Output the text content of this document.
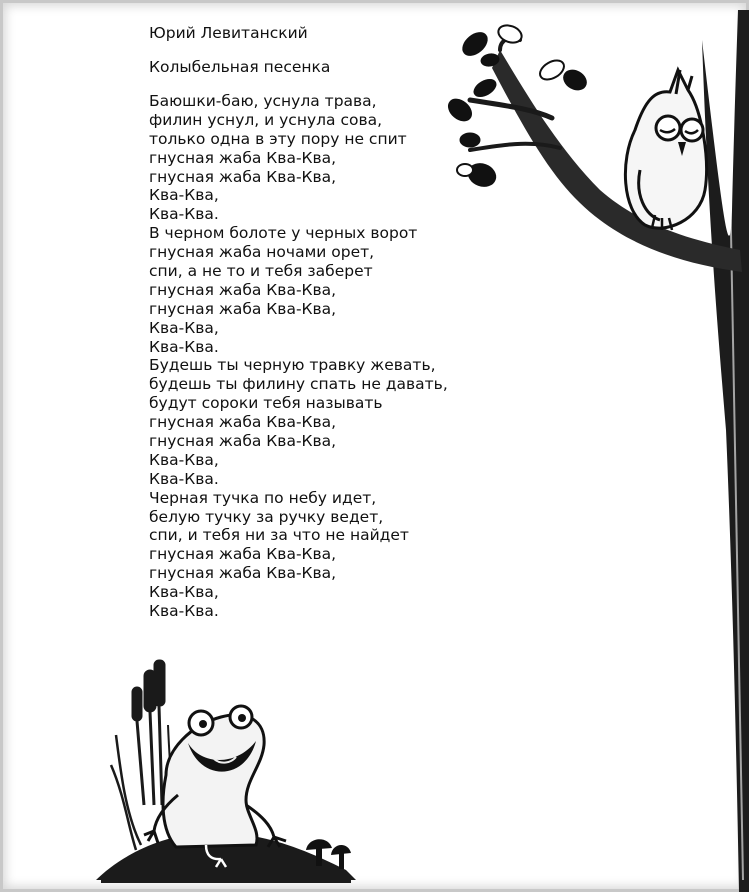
Юрий Левитанский
Колыбельная песенка
Баюшки-баю, уснула трава,
филин уснул, и уснула сова,
только одна в эту пору не спит
гнусная жаба Ква-Ква,
гнусная жаба Ква-Ква,
Ква-Ква,
Ква-Ква.
В черном болоте у черных ворот
гнусная жаба ночами орет,
спи, а не то и тебя заберет
гнусная жаба Ква-Ква,
гнусная жаба Ква-Ква,
Ква-Ква,
Ква-Ква.
Будешь ты черную травку жевать,
будешь ты филину спать не давать,
будут сороки тебя называть
гнусная жаба Ква-Ква,
гнусная жаба Ква-Ква,
Ква-Ква,
Ква-Ква.
Черная тучка по небу идет,
белую тучку за ручку ведет,
спи, и тебя ни за что не найдет
гнусная жаба Ква-Ква,
гнусная жаба Ква-Ква,
Ква-Ква,
Ква-Ква.
